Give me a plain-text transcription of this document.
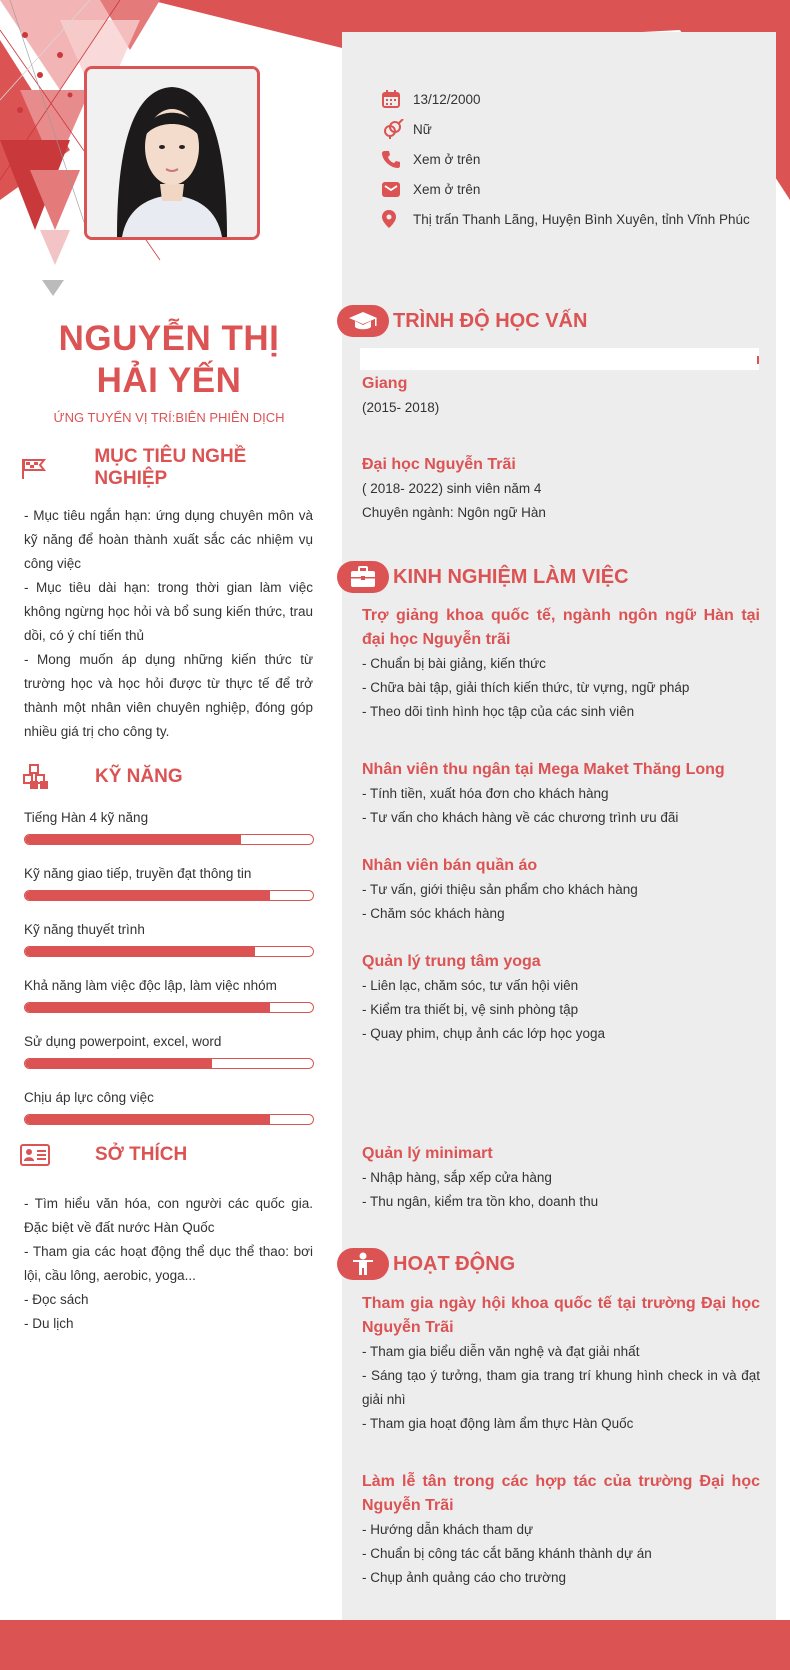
NGUYỄN THỊ
HẢI YẾN
ỨNG TUYỂN VỊ TRÍ:BIÊN PHIÊN DỊCH
13/12/2000
Nữ
Xem ở trên
Xem ở trên
Thị trấn Thanh Lãng, Huyện Bình Xuyên, tỉnh Vĩnh Phúc
MỤC TIÊU NGHỀ NGHIỆP
- Mục tiêu ngắn hạn: ứng dụng chuyên môn và kỹ năng để hoàn thành xuất sắc các nhiệm vụ công việc
- Mục tiêu dài hạn: trong thời gian làm việc không ngừng học hỏi và bổ sung kiến thức, trau dồi, có ý chí tiến thủ
- Mong muốn áp dụng những kiến thức từ trường học và học hỏi được từ thực tế để trở thành một nhân viên chuyên nghiệp, đóng góp nhiều giá trị cho công ty.
KỸ NĂNG
Tiếng Hàn 4 kỹ năng
Kỹ năng giao tiếp, truyền đạt thông tin
Kỹ năng thuyết trình
Khả năng làm việc độc lập, làm việc nhóm
Sử dụng powerpoint, excel, word
Chịu áp lực công việc
SỞ THÍCH
- Tìm hiểu văn hóa, con người các quốc gia. Đặc biệt về đất nước Hàn Quốc
- Tham gia các hoạt động thể dục thể thao: bơi lội, cầu lông, aerobic, yoga...
- Đọc sách
- Du lịch
TRÌNH ĐỘ HỌC VẤN
Giang
(2015- 2018)
Đại học Nguyễn Trãi
( 2018- 2022) sinh viên năm 4
Chuyên ngành: Ngôn ngữ Hàn
KINH NGHIỆM LÀM VIỆC
Trợ giảng khoa quốc tế, ngành ngôn ngữ Hàn tại đại học Nguyễn trãi
- Chuẩn bị bài giảng, kiến thức
- Chữa bài tập, giải thích kiến thức, từ vựng, ngữ pháp
- Theo dõi tình hình học tập của các sinh viên
Nhân viên thu ngân tại Mega Maket Thăng Long
- Tính tiền, xuất hóa đơn cho khách hàng
- Tư vấn cho khách hàng về các chương trình ưu đãi
Nhân viên bán quần áo
- Tư vấn, giới thiệu sản phẩm cho khách hàng
- Chăm sóc khách hàng
Quản lý trung tâm yoga
- Liên lạc, chăm sóc, tư vấn hội viên
- Kiểm tra thiết bị, vệ sinh phòng tập
- Quay phim, chụp ảnh các lớp học yoga
Quản lý minimart
- Nhập hàng, sắp xếp cửa hàng
- Thu ngân, kiểm tra tồn kho, doanh thu
HOẠT ĐỘNG
Tham gia ngày hội khoa quốc tế tại trường Đại học Nguyễn Trãi
- Tham gia biểu diễn văn nghệ và đạt giải nhất
- Sáng tạo ý tưởng, tham gia trang trí khung hình check in và đạt giải nhì
- Tham gia hoạt động làm ẩm thực Hàn Quốc
Làm lễ tân trong các hợp tác của trường Đại học Nguyễn Trãi
- Hướng dẫn khách tham dự
- Chuẩn bị công tác cắt băng khánh thành dự án
- Chụp ảnh quảng cáo cho trường
